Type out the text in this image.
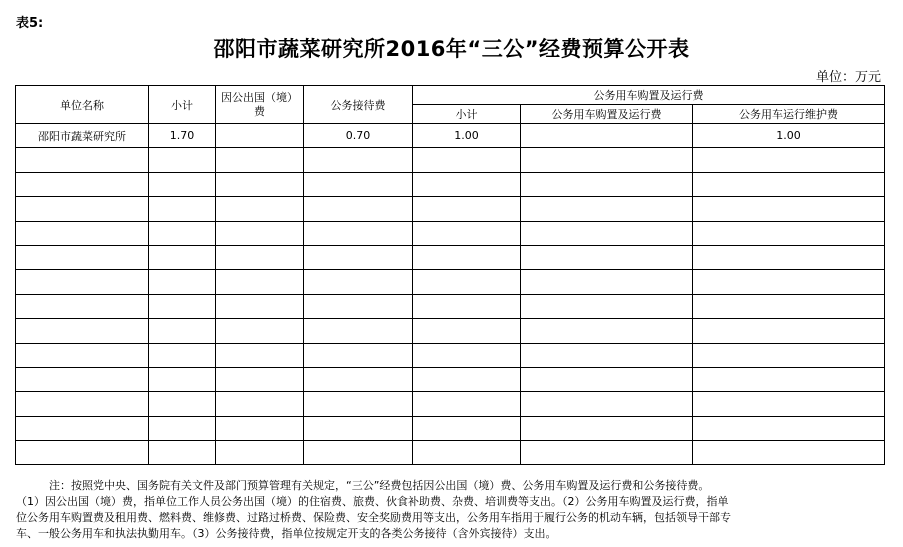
表5:
邵阳市蔬菜研究所2016年“三公”经费预算公开表
单位：万元
单位名称	小计	因公出国（境）费	公务接待费	公务用车购置及运行费		
				小计	公务用车购置及运行费	公务用车运行维护费
邵阳市蔬菜研究所	1.70		0.70	1.00		1.00

注：按照党中央、国务院有关文件及部门预算管理有关规定，“三公”经费包括因公出国（境）费、公务用车购置及运行费和公务接待费。
（1）因公出国（境）费，指单位工作人员公务出国（境）的住宿费、旅费、伙食补助费、杂费、培训费等支出。（2）公务用车购置及运行费，指单
位公务用车购置费及租用费、燃料费、维修费、过路过桥费、保险费、安全奖励费用等支出，公务用车指用于履行公务的机动车辆，包括领导干部专
车、一般公务用车和执法执勤用车。（3）公务接待费，指单位按规定开支的各类公务接待（含外宾接待）支出。
